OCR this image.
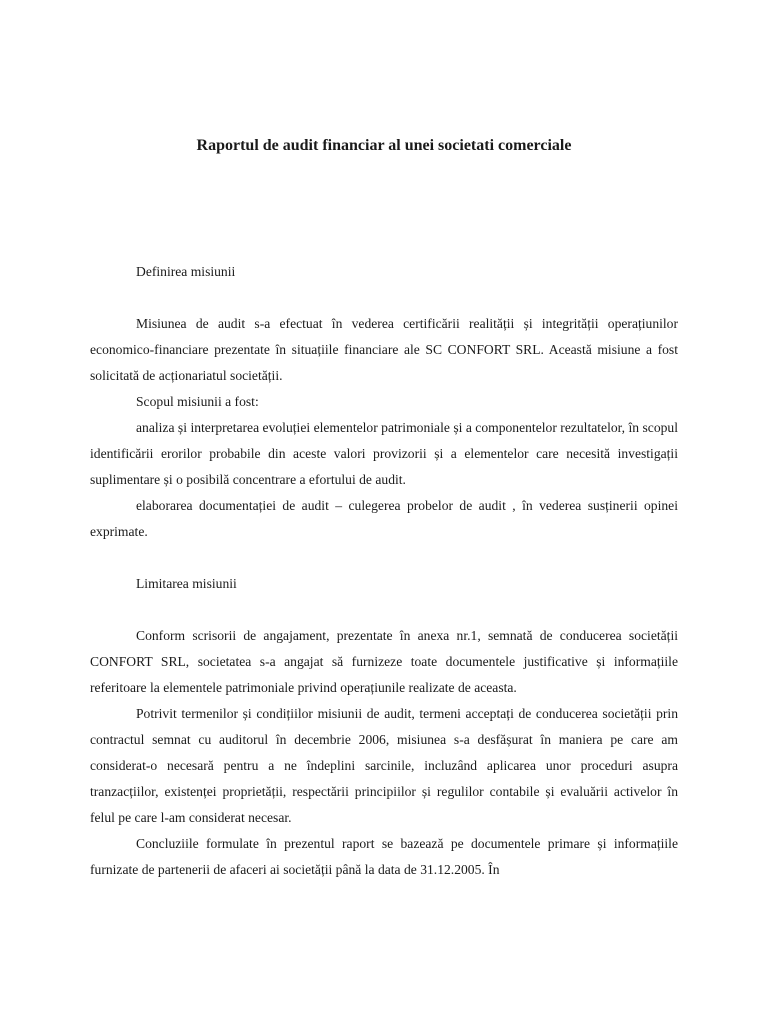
Raportul de audit financiar al unei societati comerciale

Definirea misiunii

Misiunea de audit s-a efectuat în vederea certificării realității și integrității operațiunilor economico-financiare prezentate în situațiile financiare ale SC CONFORT SRL. Această misiune a fost solicitată de acționariatul societății.

Scopul misiunii a fost:

analiza și interpretarea evoluției elementelor patrimoniale și a componentelor rezultatelor, în scopul identificării erorilor probabile din aceste valori provizorii și a elementelor care necesită investigații suplimentare și o posibilă concentrare a efortului de audit.

elaborarea documentației de audit – culegerea probelor de audit , în vederea susținerii opinei exprimate.

Limitarea misiunii

Conform scrisorii de angajament, prezentate în anexa nr.1, semnată de conducerea societății CONFORT SRL, societatea s-a angajat să furnizeze toate documentele justificative și informațiile referitoare la elementele patrimoniale privind operațiunile realizate de aceasta.

Potrivit termenilor și condițiilor misiunii de audit, termeni acceptați de conducerea societății prin contractul semnat cu auditorul în decembrie 2006, misiunea s-a desfășurat în maniera pe care am considerat-o necesară pentru a ne îndeplini sarcinile, incluzând aplicarea unor proceduri asupra tranzacțiilor, existenței proprietății, respectării principiilor și regulilor contabile și evaluării activelor în felul pe care l-am considerat necesar.

Concluziile formulate în prezentul raport se bazează pe documentele primare și informațiile furnizate de partenerii de afaceri ai societății până la data de 31.12.2005. În
